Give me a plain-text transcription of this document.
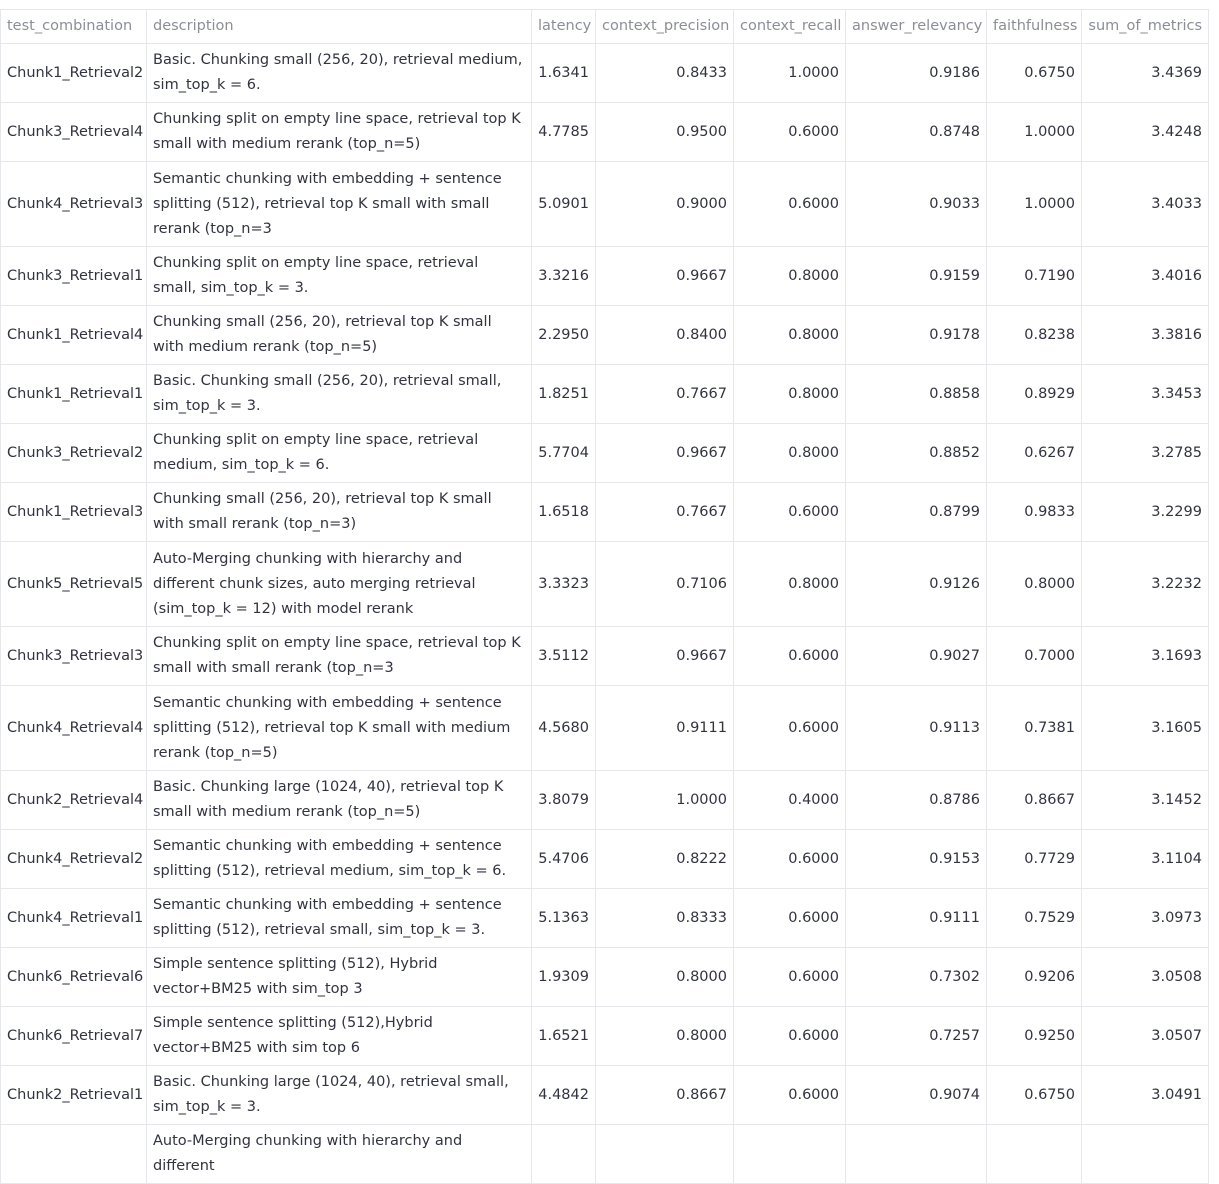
test_combination	description	latency	context_precision	context_recall	answer_relevancy	faithfulness	sum_of_metrics
Chunk1_Retrieval2	Basic. Chunking small (256, 20), retrieval medium, sim_top_k = 6.	1.6341	0.8433	1.0000	0.9186	0.6750	3.4369
Chunk3_Retrieval4	Chunking split on empty line space, retrieval top K small with medium rerank (top_n=5)	4.7785	0.9500	0.6000	0.8748	1.0000	3.4248
Chunk4_Retrieval3	Semantic chunking with embedding + sentence splitting (512), retrieval top K small with small rerank (top_n=3	5.0901	0.9000	0.6000	0.9033	1.0000	3.4033
Chunk3_Retrieval1	Chunking split on empty line space, retrieval small, sim_top_k = 3.	3.3216	0.9667	0.8000	0.9159	0.7190	3.4016
Chunk1_Retrieval4	Chunking small (256, 20), retrieval top K small with medium rerank (top_n=5)	2.2950	0.8400	0.8000	0.9178	0.8238	3.3816
Chunk1_Retrieval1	Basic. Chunking small (256, 20), retrieval small, sim_top_k = 3.	1.8251	0.7667	0.8000	0.8858	0.8929	3.3453
Chunk3_Retrieval2	Chunking split on empty line space, retrieval medium, sim_top_k = 6.	5.7704	0.9667	0.8000	0.8852	0.6267	3.2785
Chunk1_Retrieval3	Chunking small (256, 20), retrieval top K small with small rerank (top_n=3)	1.6518	0.7667	0.6000	0.8799	0.9833	3.2299
Chunk5_Retrieval5	Auto-Merging chunking with hierarchy and different chunk sizes, auto merging retrieval (sim_top_k = 12) with model rerank	3.3323	0.7106	0.8000	0.9126	0.8000	3.2232
Chunk3_Retrieval3	Chunking split on empty line space, retrieval top K small with small rerank (top_n=3	3.5112	0.9667	0.6000	0.9027	0.7000	3.1693
Chunk4_Retrieval4	Semantic chunking with embedding + sentence splitting (512), retrieval top K small with medium rerank (top_n=5)	4.5680	0.9111	0.6000	0.9113	0.7381	3.1605
Chunk2_Retrieval4	Basic. Chunking large (1024, 40), retrieval top K small with medium rerank (top_n=5)	3.8079	1.0000	0.4000	0.8786	0.8667	3.1452
Chunk4_Retrieval2	Semantic chunking with embedding + sentence splitting (512), retrieval medium, sim_top_k = 6.	5.4706	0.8222	0.6000	0.9153	0.7729	3.1104
Chunk4_Retrieval1	Semantic chunking with embedding + sentence splitting (512), retrieval small, sim_top_k = 3.	5.1363	0.8333	0.6000	0.9111	0.7529	3.0973
Chunk6_Retrieval6	Simple sentence splitting (512), Hybrid vector+BM25 with sim_top 3	1.9309	0.8000	0.6000	0.7302	0.9206	3.0508
Chunk6_Retrieval7	Simple sentence splitting (512),Hybrid vector+BM25 with sim top 6	1.6521	0.8000	0.6000	0.7257	0.9250	3.0507
Chunk2_Retrieval1	Basic. Chunking large (1024, 40), retrieval small, sim_top_k = 3.	4.4842	0.8667	0.6000	0.9074	0.6750	3.0491
	Auto-Merging chunking with hierarchy and different						
